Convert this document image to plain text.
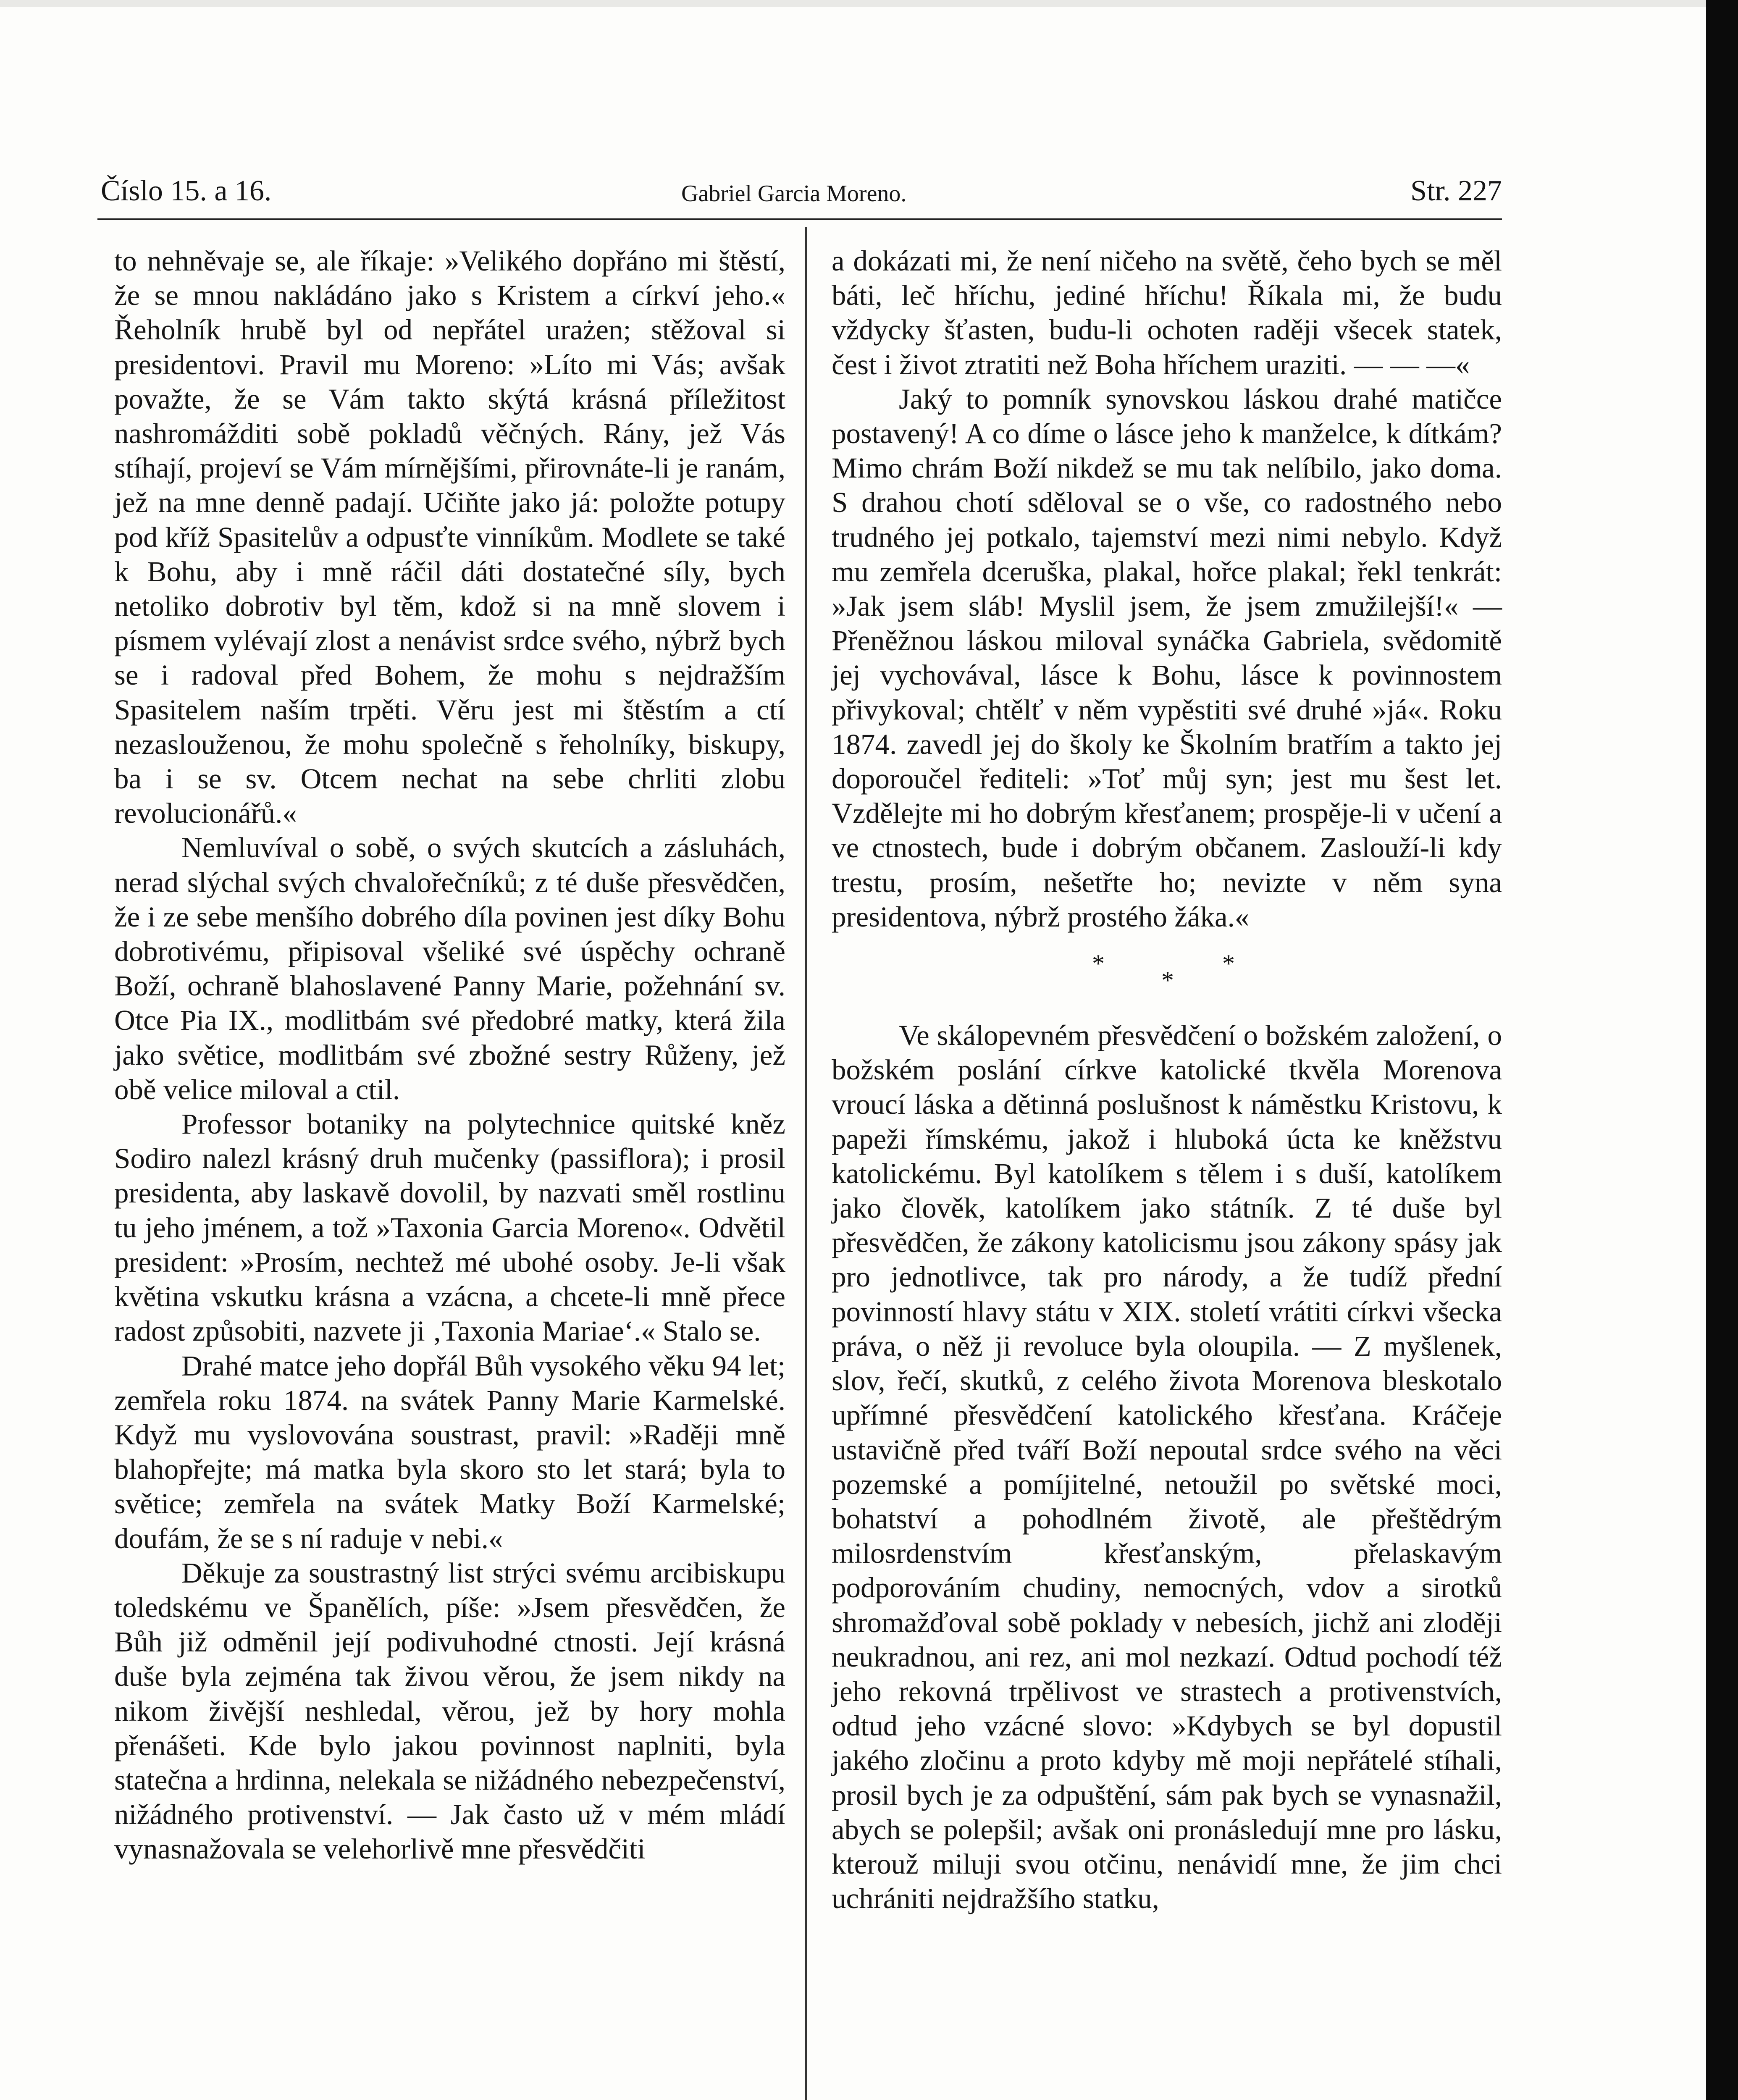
Číslo 15. a 16.	Gabriel Garcia Moreno.	Str. 227

to nehněvaje se, ale říkaje: »Velikého dopřáno mi štěstí, že se mnou nakládáno jako s Kristem a církví jeho.« Řeholník hrubě byl od nepřátel urażen; stěžoval si presidentovi. Pravil mu Moreno: »Líto mi Vás; avšak považte, že se Vám takto skýtá krásná příležitost nashromážditi sobě pokladů věčných. Rány, jež Vás stíhají, projeví se Vám mírnějšími, přirovnáte-li je ranám, jež na mne denně padají. Učiňte jako já: položte potupy pod kříž Spasitelův a odpusťte vinníkům. Modlete se také k Bohu, aby i mně ráčil dáti dostatečné síly, bych netoliko dobrotiv byl těm, kdož si na mně slovem i písmem vylévají zlost a nenávist srdce svého, nýbrž bych se i radoval před Bohem, že mohu s nejdražším Spasitelem naším trpěti. Věru jest mi štěstím a ctí nezaslouženou, že mohu společně s řeholníky, biskupy, ba i se sv. Otcem nechat na sebe chrliti zlobu revolucionářů.«

Nemluvíval o sobě, o svých skutcích a zásluhách, nerad slýchal svých chvalořečníků; z té duše přesvědčen, že i ze sebe menšího dobrého díla povinen jest díky Bohu dobrotivému, připisoval všeliké své úspěchy ochraně Boží, ochraně blahoslavené Panny Marie, požehnání sv. Otce Pia IX., modlitbám své předobré matky, která žila jako světice, modlitbám své zbožné sestry Růženy, jež obě velice miloval a ctil.

Professor botaniky na polytechnice quitské kněz Sodiro nalezl krásný druh mučenky (passiflora); i prosil presidenta, aby laskavě dovolil, by nazvati směl rostlinu tu jeho jménem, a tož »Taxonia Garcia Moreno«. Odvětil president: »Prosím, nechtež mé ubohé osoby. Je-li však květina vskutku krásna a vzácna, a chcete-li mně přece radost způsobiti, nazvete ji ‚Taxonia Mariae‘.« Stalo se.

Drahé matce jeho dopřál Bůh vysokého věku 94 let; zemřela roku 1874. na svátek Panny Marie Karmelské. Když mu vyslovována soustrast, pravil: »Raději mně blahopřejte; má matka byla skoro sto let stará; byla to světice; zemřela na svátek Matky Boží Karmelské; doufám, že se s ní raduje v nebi.«

Děkuje za soustrastný list strýci svému arcibiskupu toledskému ve Španělích, píše: »Jsem přesvědčen, že Bůh již odměnil její podivuhodné ctnosti. Její krásná duše byla zejména tak živou věrou, že jsem nikdy na nikom živější neshledal, věrou, jež by hory mohla přenášeti. Kde bylo jakou povinnost naplniti, byla statečna a hrdinna, nelekala se nižádného nebezpečenství, nižádného protivenství. — Jak často už v mém mládí vynasnažovala se velehorlivě mne přesvědčiti

a dokázati mi, že není ničeho na světě, čeho bych se měl báti, leč hříchu, jediné hříchu! Říkala mi, že budu vždycky šťasten, budu-li ochoten raději všecek statek, čest i život ztratiti než Boha hříchem uraziti. — — —«

Jaký to pomník synovskou láskou drahé matičce postavený! A co díme o lásce jeho k manželce, k dítkám? Mimo chrám Boží nikdež se mu tak nelíbilo, jako doma. S drahou chotí sděloval se o vše, co radostného nebo trudného jej potkalo, tajemství mezi nimi nebylo. Když mu zemřela dceruška, plakal, hořce plakal; řekl tenkrát: »Jak jsem sláb! Myslil jsem, že jsem zmužilejší!« — Přeněžnou láskou miloval synáčka Gabriela, svědomitě jej vychovával, lásce k Bohu, lásce k povinnostem přivykoval; chtělť v něm vypěstiti své druhé »já«. Roku 1874. zavedl jej do školy ke Školním bratřím a takto jej doporoučel řediteli: »Toť můj syn; jest mu šest let. Vzdělejte mi ho dobrým křesťanem; prospěje-li v učení a ve ctnostech, bude i dobrým občanem. Zaslouží-li kdy trestu, prosím, nešetřte ho; nevizte v něm syna presidentova, nýbrž prostého žáka.«

*
*
*

Ve skálopevném přesvědčení o božském založení, o božském poslání církve katolické tkvěla Morenova vroucí láska a dětinná poslušnost k náměstku Kristovu, k papeži římskému, jakož i hluboká úcta ke kněžstvu katolickému. Byl katolíkem s tělem i s duší, katolíkem jako člověk, katolíkem jako státník. Z té duše byl přesvědčen, že zákony katolicismu jsou zákony spásy jak pro jednotlivce, tak pro národy, a že tudíž přední povinností hlavy státu v XIX. století vrátiti církvi všecka práva, o něž ji revoluce byla oloupila. — Z myšlenek, slov, řečí, skutků, z celého života Morenova bleskotalo upřímné přesvědčení katolického křesťana. Kráčeje ustavičně před tváří Boží nepoutal srdce svého na věci pozemské a pomíjitelné, netoužil po světské moci, bohatství a pohodlném životě, ale přeštědrým milosrdenstvím křesťanským, přelaskavým podporováním chudiny, nemocných, vdov a sirotků shromažďoval sobě poklady v nebesích, jichž ani zloději neukradnou, ani rez, ani mol nezkazí. Odtud pochodí též jeho rekovná trpělivost ve strastech a protivenstvích, odtud jeho vzácné slovo: »Kdybych se byl dopustil jakého zločinu a proto kdyby mě moji nepřátelé stíhali, prosil bych je za odpuštění, sám pak bych se vynasnažil, abych se polepšil; avšak oni pronásledují mne pro lásku, kterouž miluji svou otčinu, nenávidí mne, že jim chci uchrániti nejdražšího statku,
